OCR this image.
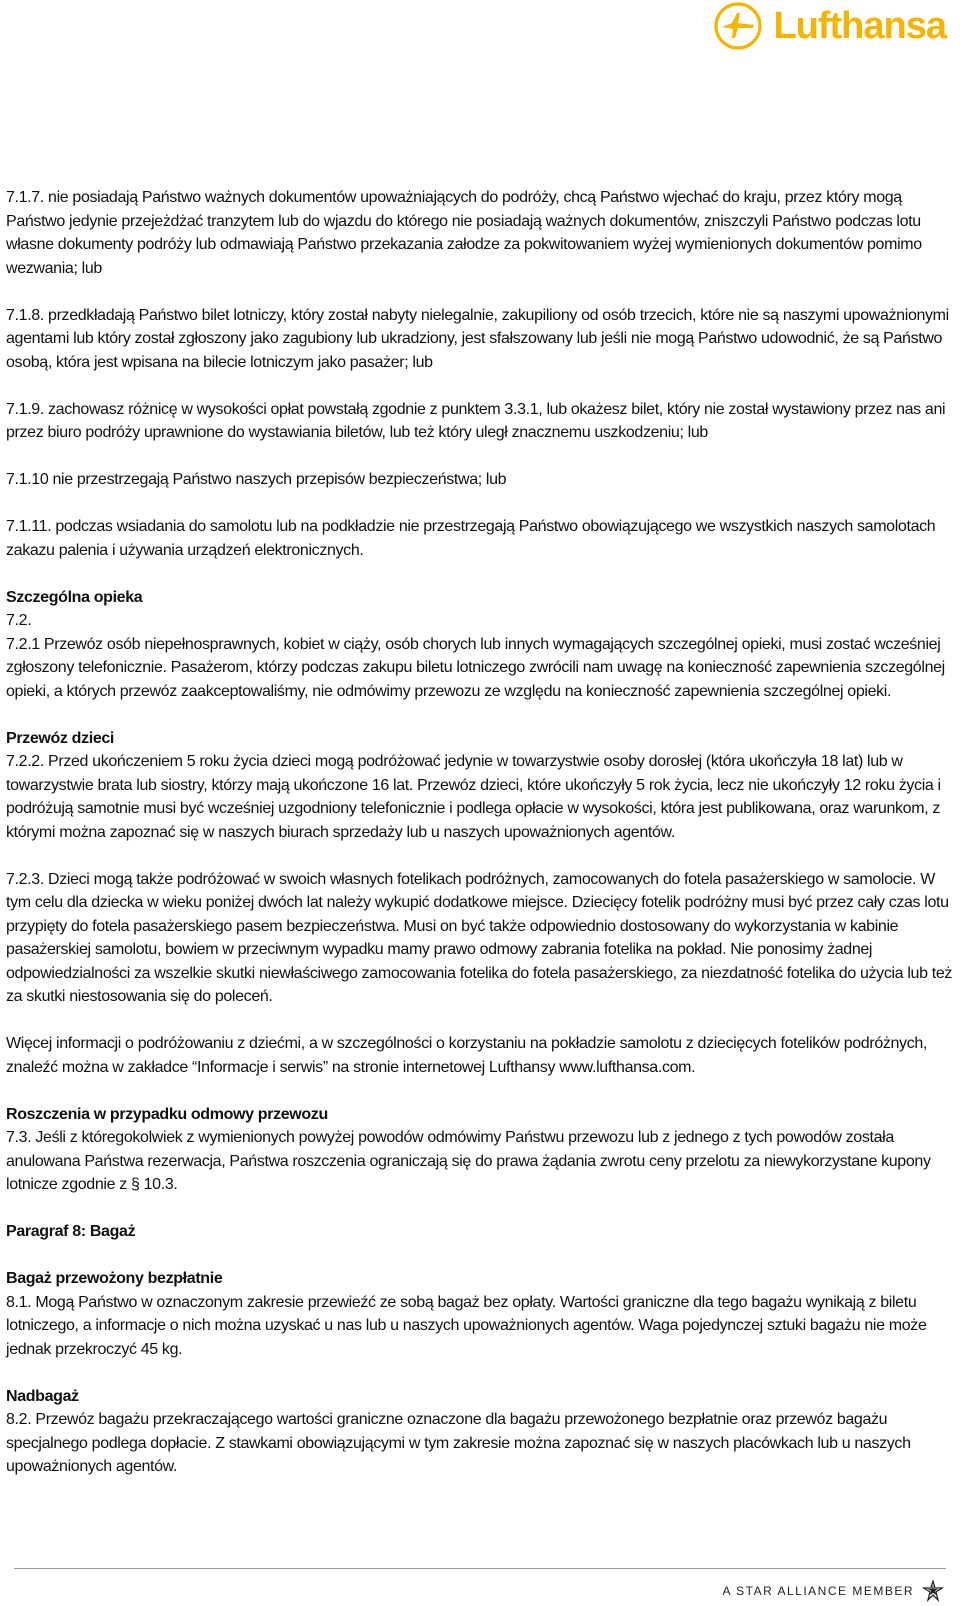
Lufthansa

7.1.7. nie posiadają Państwo ważnych dokumentów upoważniających do podróży, chcą Państwo wjechać do kraju, przez który mogą Państwo jedynie przejeżdżać tranzytem lub do wjazdu do którego nie posiadają ważnych dokumentów, zniszczyli Państwo podczas lotu własne dokumenty podróży lub odmawiają Państwo przekazania załodze za pokwitowaniem wyżej wymienionych dokumentów pomimo wezwania; lub

7.1.8. przedkładają Państwo bilet lotniczy, który został nabyty nielegalnie, zakupiliony od osób trzecich, które nie są naszymi upoważnionymi agentami lub który został zgłoszony jako zagubiony lub ukradziony, jest sfałszowany lub jeśli nie mogą Państwo udowodnić, że są Państwo osobą, która jest wpisana na bilecie lotniczym jako pasażer; lub

7.1.9. zachowasz różnicę w wysokości opłat powstałą zgodnie z punktem 3.3.1, lub okażesz bilet, który nie został wystawiony przez nas ani przez biuro podróży uprawnione do wystawiania biletów, lub też który uległ znacznemu uszkodzeniu; lub

7.1.10 nie przestrzegają Państwo naszych przepisów bezpieczeństwa; lub

7.1.11. podczas wsiadania do samolotu lub na podkładzie nie przestrzegają Państwo obowiązującego we wszystkich naszych samolotach zakazu palenia i używania urządzeń elektronicznych.

Szczególna opieka

7.2.

7.2.1 Przewóz osób niepełnosprawnych, kobiet w ciąży, osób chorych lub innych wymagających szczególnej opieki, musi zostać wcześniej zgłoszony telefonicznie. Pasażerom, którzy podczas zakupu biletu lotniczego zwrócili nam uwagę na konieczność zapewnienia szczególnej opieki, a których przewóz zaakceptowaliśmy, nie odmówimy przewozu ze względu na konieczność zapewnienia szczególnej opieki.

Przewóz dzieci

7.2.2. Przed ukończeniem 5 roku życia dzieci mogą podróżować jedynie w towarzystwie osoby dorosłej (która ukończyła 18 lat) lub w towarzystwie brata lub siostry, którzy mają ukończone 16 lat. Przewóz dzieci, które ukończyły 5 rok życia, lecz nie ukończyły 12 roku życia i podróżują samotnie musi być wcześniej uzgodniony telefonicznie i podlega opłacie w wysokości, która jest publikowana, oraz warunkom, z którymi można zapoznać się w naszych biurach sprzedaży lub u naszych upoważnionych agentów.

7.2.3. Dzieci mogą także podróżować w swoich własnych fotelikach podróżnych, zamocowanych do fotela pasażerskiego w samolocie. W tym celu dla dziecka w wieku poniżej dwóch lat należy wykupić dodatkowe miejsce. Dziecięcy fotelik podróżny musi być przez cały czas lotu przypięty do fotela pasażerskiego pasem bezpieczeństwa. Musi on być także odpowiednio dostosowany do wykorzystania w kabinie pasażerskiej samolotu, bowiem w przeciwnym wypadku mamy prawo odmowy zabrania fotelika na pokład. Nie ponosimy żadnej odpowiedzialności za wszelkie skutki niewłaściwego zamocowania fotelika do fotela pasażerskiego, za niezdatność fotelika do użycia lub też za skutki niestosowania się do poleceń.

Więcej informacji o podróżowaniu z dziećmi, a w szczególności o korzystaniu na pokładzie samolotu z dziecięcych fotelików podróżnych, znaleźć można w zakładce “Informacje i serwis” na stronie internetowej Lufthansy www.lufthansa.com.

Roszczenia w przypadku odmowy przewozu

7.3. Jeśli z któregokolwiek z wymienionych powyżej powodów odmówimy Państwu przewozu lub z jednego z tych powodów została anulowana Państwa rezerwacja, Państwa roszczenia ograniczają się do prawa żądania zwrotu ceny przelotu za niewykorzystane kupony lotnicze zgodnie z § 10.3.

Paragraf 8: Bagaż

Bagaż przewożony bezpłatnie

8.1. Mogą Państwo w oznaczonym zakresie przewieźć ze sobą bagaż bez opłaty. Wartości graniczne dla tego bagażu wynikają z biletu lotniczego, a informacje o nich można uzyskać u nas lub u naszych upoważnionych agentów. Waga pojedynczej sztuki bagażu nie może jednak przekroczyć 45 kg.

Nadbagaż

8.2. Przewóz bagażu przekraczającego wartości graniczne oznaczone dla bagażu przewożonego bezpłatnie oraz przewóz bagażu specjalnego podlega dopłacie. Z stawkami obowiązującymi w tym zakresie można zapoznać się w naszych placówkach lub u naszych upoważnionych agentów.

A STAR ALLIANCE MEMBER
